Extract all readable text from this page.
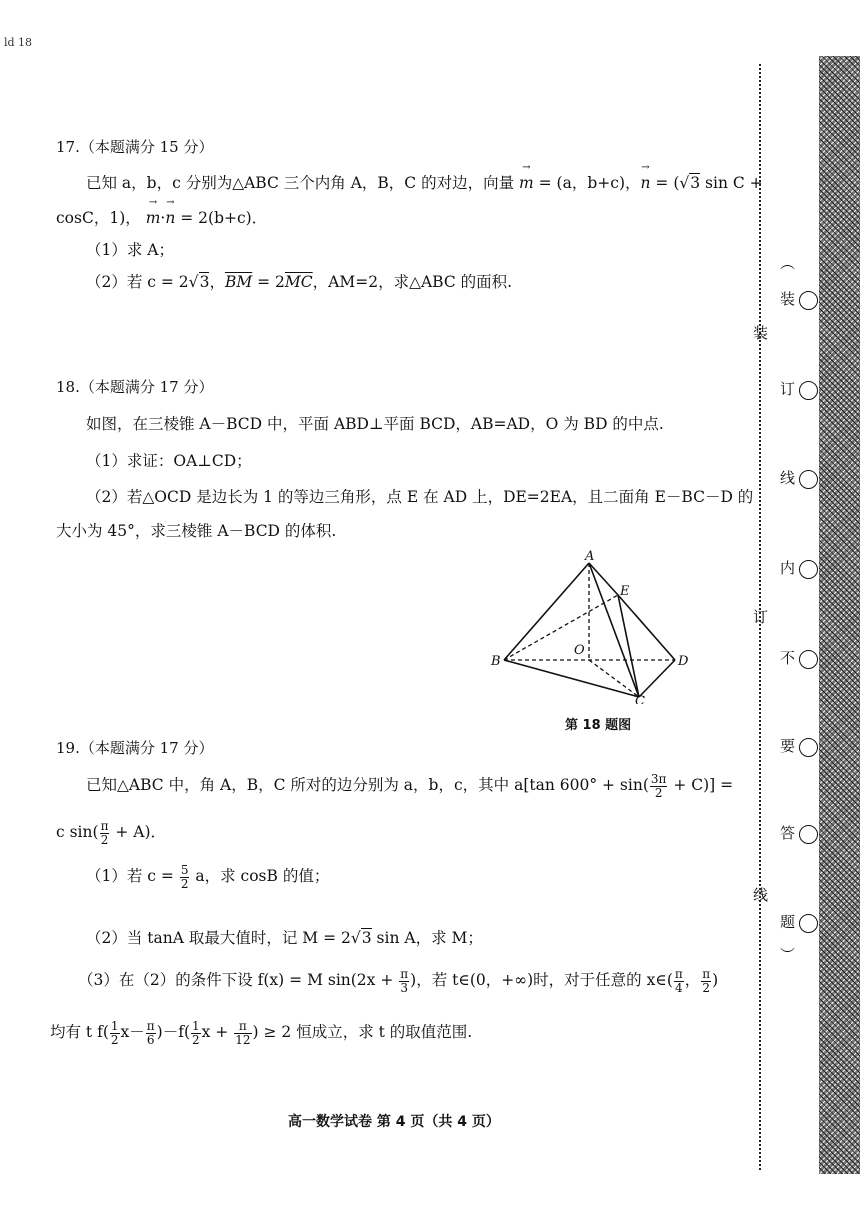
ld 18
17.（本题满分 15 分）
已知 a，b，c 分别为△ABC 三个内角 A，B，C 的对边，向量 → m = (a，b+c)，→ n = (√3 sin C +
cosC，1)， → m·→ n = 2(b+c)．
（1）求 A；
（2）若 c = 2√3，$\overline{BM} = 2\overline{MC}$，AM=2，求△ABC 的面积.
18.（本题满分 17 分）
如图，在三棱锥 A－BCD 中，平面 ABD⊥平面 BCD，AB=AD，O 为 BD 的中点.
（1）求证：OA⊥CD；
（2）若△OCD 是边长为 1 的等边三角形，点 E 在 AD 上，DE=2EA，且二面角 E－BC－D 的
大小为 45°，求三棱锥 A－BCD 的体积.
A
B
C
D
E
O
第 18 题图
19.（本题满分 17 分）
已知△ABC 中，角 A，B，C 所对的边分别为 a，b，c，其中 a[tan $600^\circ + \sin( \frac{3\pi}{2} + C)$] =
c $\sin( \frac{\pi}{2} + A)$．
（1）若 $c = \frac{5}{2}$ a，求 cosB 的值；
（2）当 tanA 取最大值时，记 M = 2√3 sin A，求 M；
（3）在（2）的条件下设 f(x) = M $\sin(2x + \frac{\pi}{3}$ )，若 t∈(0，+∞)时，对于任意的 x∈( $\frac{\pi}{4}$ ， $\frac{\pi}{2}$ )
均有 t $f( \frac{1}{2} x- \frac{\pi}{6} )-f( \frac{1}{2}$ $x + \frac{\pi}{12}$ ) ≥ 2 恒成立，求 t 的取值范围.
高一数学试卷 第 4 页（共 4 页）
装
订
线
︵
装
订
线
内
不
要
答
题
︶
